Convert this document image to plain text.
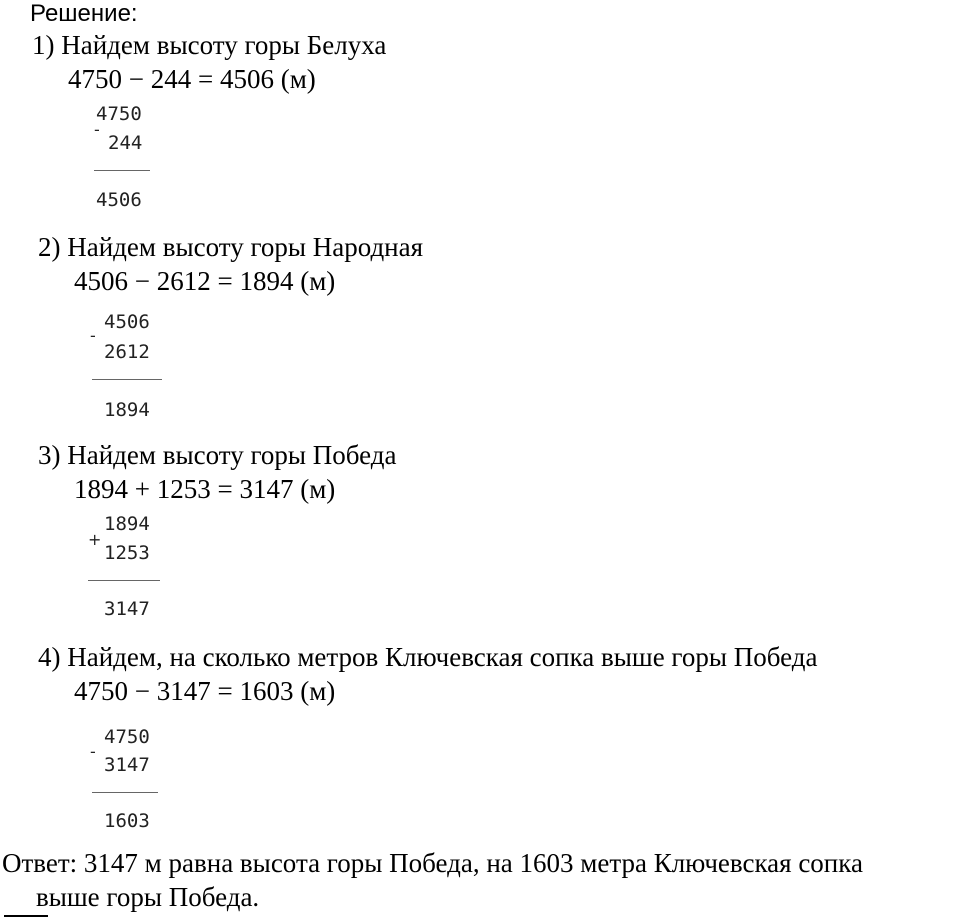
Решение:
1) Найдем высоту горы Белуха
4750 − 244 = 4506 (м)
4750
-
244
4506
2) Найдем высоту горы Народная
4506 − 2612 = 1894 (м)
-
4506
2612
1894
3) Найдем высоту горы Победа
1894 + 1253 = 3147 (м)
+
1894
1253
3147
4) Найдем, на сколько метров Ключевская сопка выше горы Победа
4750 − 3147 = 1603 (м)
-
4750
3147
1603
Ответ: 3147 м равна высота горы Победа, на 1603 метра Ключевская сопка
выше горы Победа.
